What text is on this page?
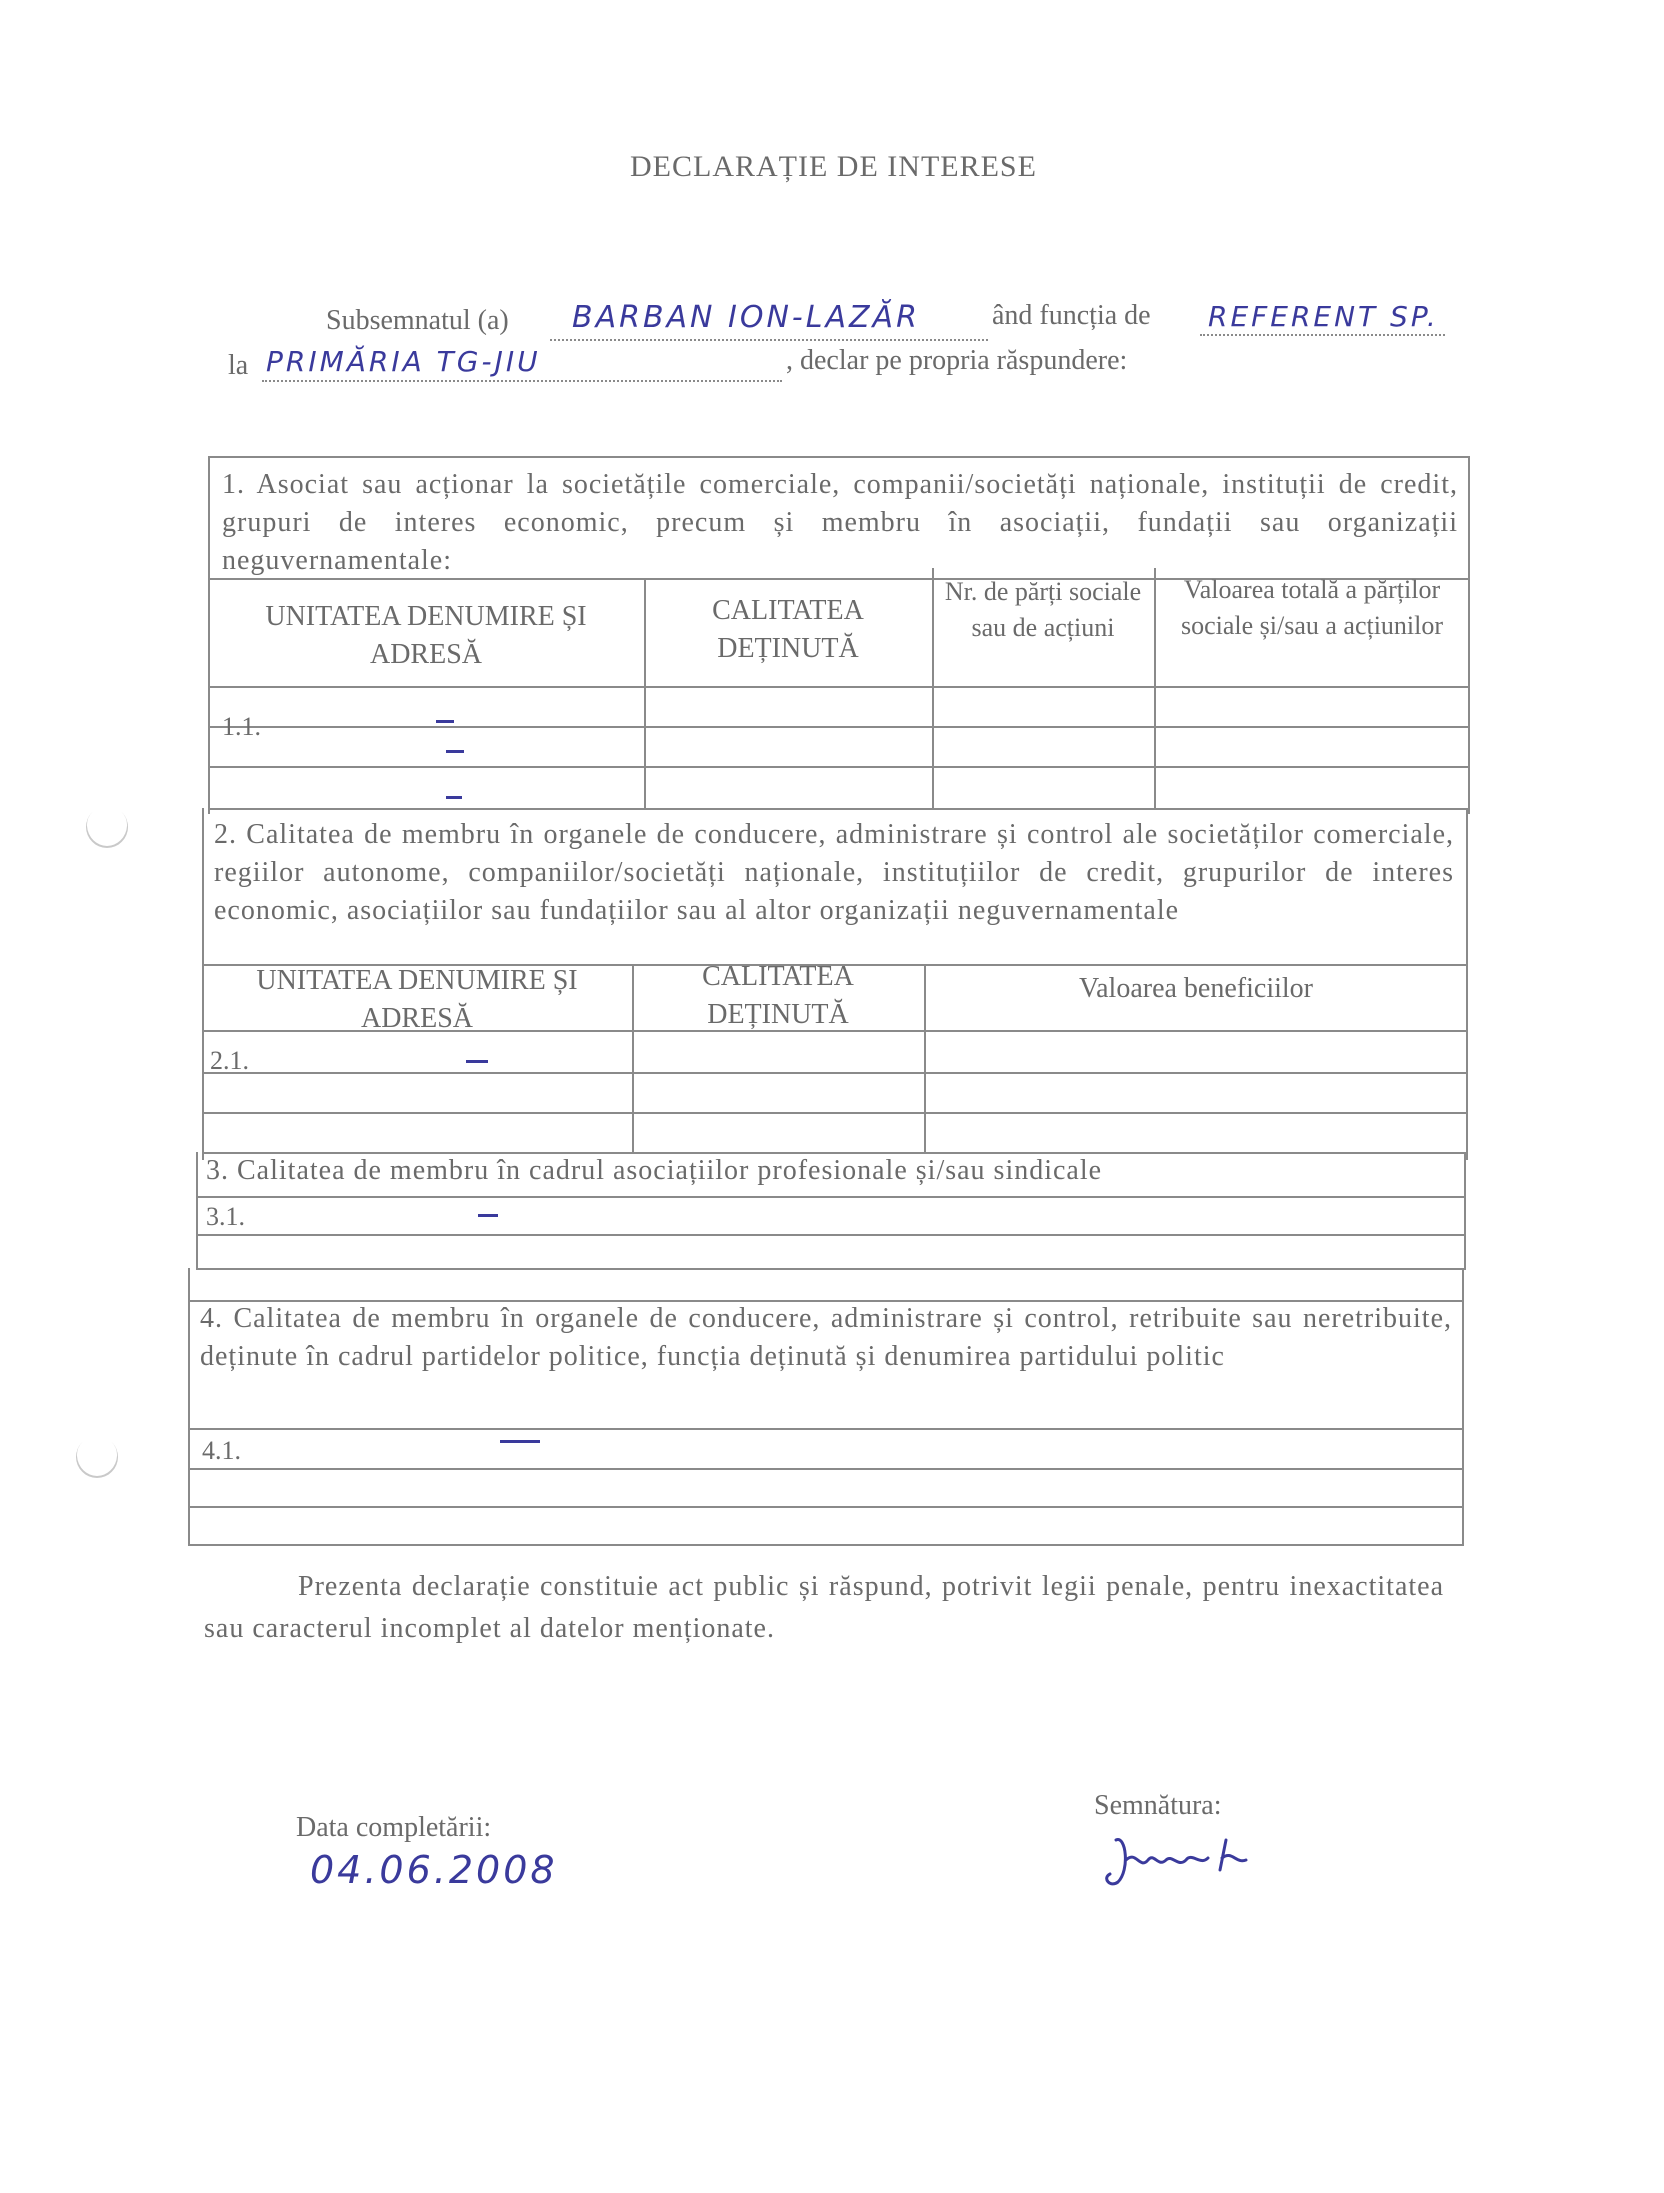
DECLARAȚIE DE INTERESE
Subsemnatul (a) BARBAN ION-LAZĂR	ând funcția de REFERENT SP.
la PRIMĂRIA TG-JIU	, declar pe propria răspundere:
1. Asociat sau acționar la societățile comerciale, companii/societăți naționale, instituții de credit, grupuri de interes economic, precum și membru în asociații, fundații sau organizații neguvernamentale:
UNITATEA DENUMIRE ȘI ADRESĂ
CALITATEA DEȚINUTĂ
Nr. de părți sociale sau de acțiuni
Valoarea totală a părților sociale și/sau a acțiunilor
1.1.
2. Calitatea de membru în organele de conducere, administrare și control ale societăților comerciale, regiilor autonome, companiilor/societăți naționale, instituțiilor de credit, grupurilor de interes economic, asociațiilor sau fundațiilor sau al altor organizații neguvernamentale
UNITATEA DENUMIRE ȘI ADRESĂ
CALITATEA DEȚINUTĂ
Valoarea beneficiilor
2.1.
3. Calitatea de membru în cadrul asociațiilor profesionale și/sau sindicale
3.1.
4. Calitatea de membru în organele de conducere, administrare și control, retribuite sau neretribuite, deținute în cadrul partidelor politice, funcția deținută și denumirea partidului politic
4.1.
Prezenta declarație constituie act public și răspund, potrivit legii penale, pentru inexactitatea sau caracterul incomplet al datelor menționate.
Data completării:
04.06.2008
Semnătura:
